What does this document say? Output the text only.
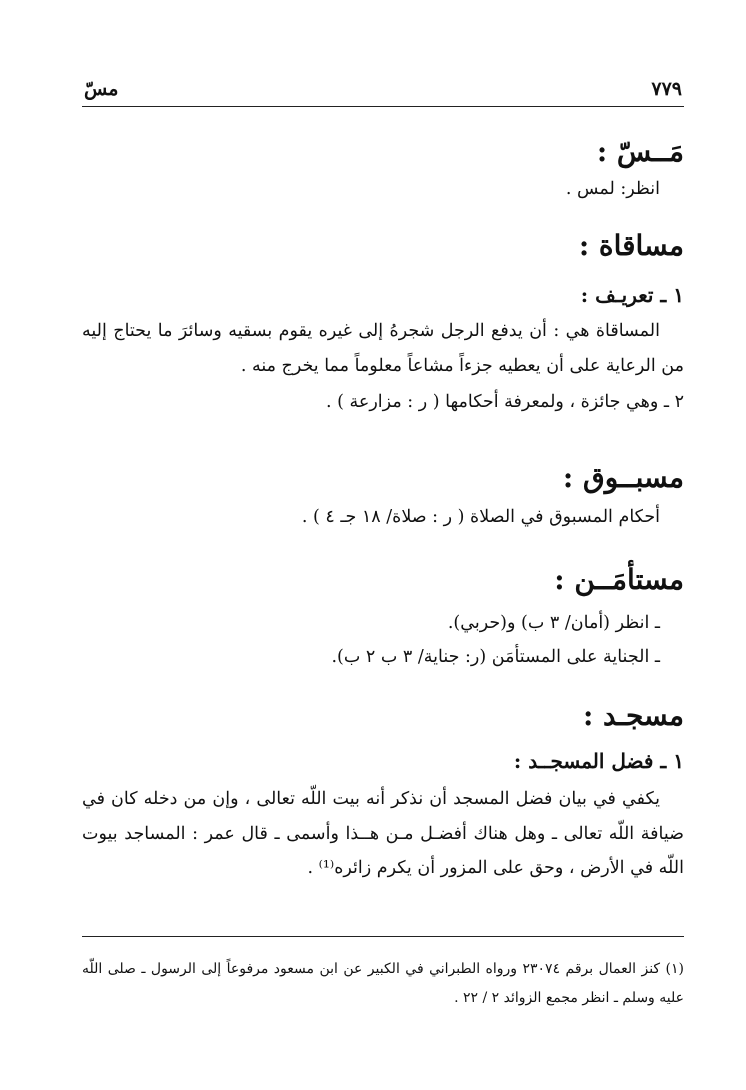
٧٧٩
مسّ
مَــسّ :
انظر: لمس .
مساقاة :
١ ـ تعريـف :
المساقاة هي : أن يدفع الرجل شجرهُ إلى غيره يقوم بسقيه وسائرَ ما يحتاج إليه من الرعاية على أن يعطيه جزءاً مشاعاً معلوماً مما يخرج منه .
٢ ـ وهي جائزة ، ولمعرفة أحكامها ( ر : مزارعة ) .
مسبــوق :
أحكام المسبوق في الصلاة ( ر : صلاة/ ١٨ جـ ٤ ) .
مستأمَــن :
ـ انظر (أمان/ ٣ ب) و(حربي).
ـ الجناية على المستأمَن (ر: جناية/ ٣ ب ٢ ب).
مسجـد :
١ ـ فضل المسجــد :
يكفي في بيان فضل المسجد أن نذكر أنه بيت اللّه تعالى ، وإن من دخله كان في ضيافة اللّه تعالى ـ وهل هناك أفضـل مـن هــذا وأسمى ـ قال عمر : المساجد بيوت اللّه في الأرض ، وحق على المزور أن يكرم زائره⁽¹⁾ .
(١) كنز العمال برقم ٢٣٠٧٤ ورواه الطبراني في الكبير عن ابن مسعود مرفوعاً إلى الرسول ـ صلى اللّه عليه وسلم ـ انظر مجمع الزوائد ٢ / ٢٢ .
